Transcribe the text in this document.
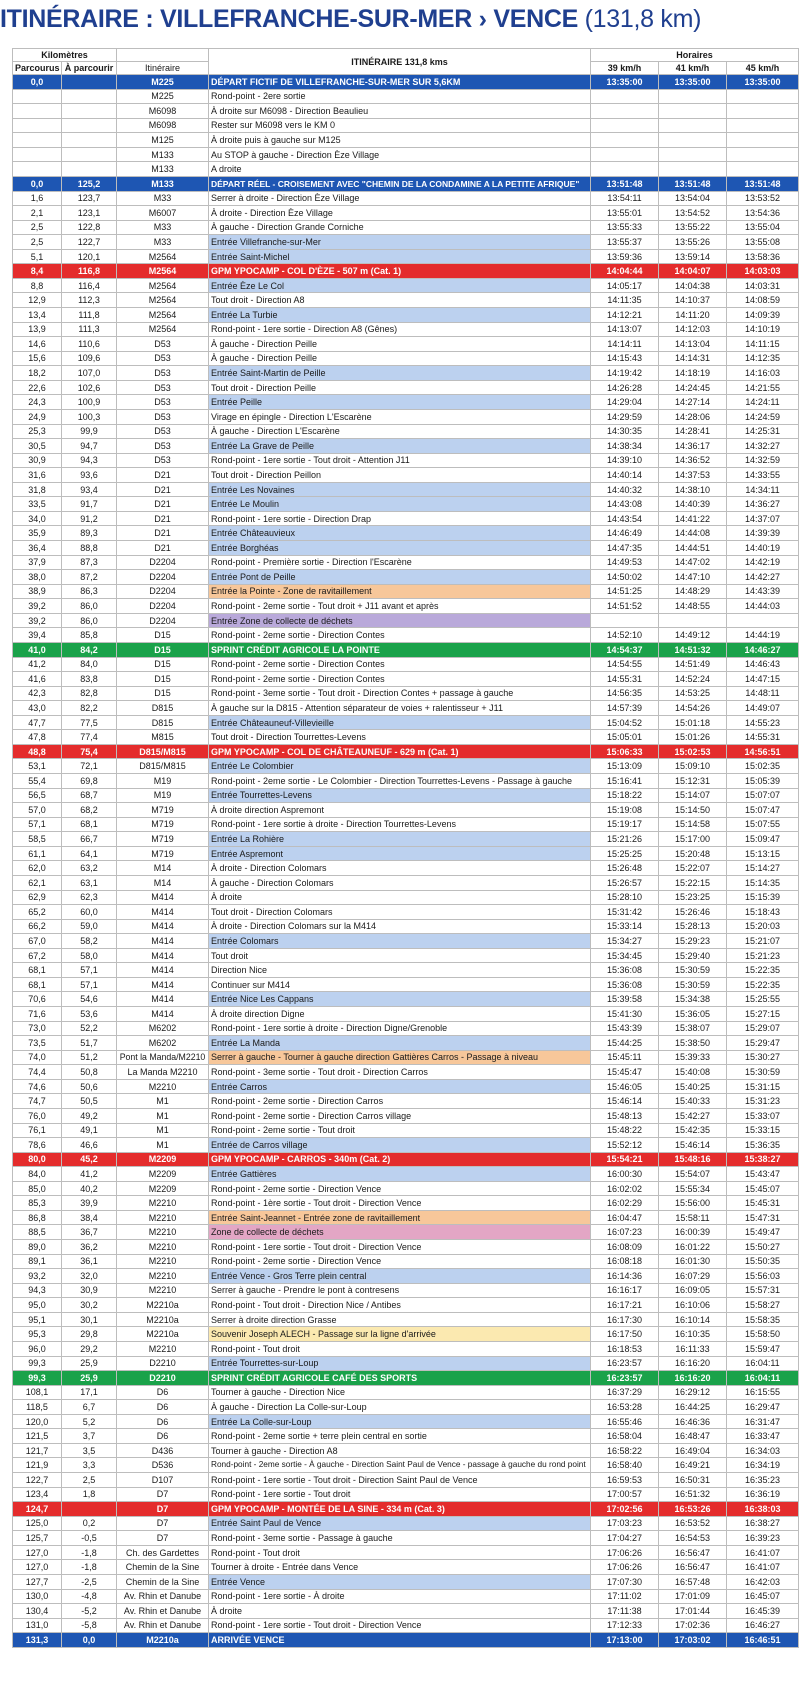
ITINÉRAIRE : VILLEFRANCHE-SUR-MER › VENCE (131,8 km)
Kilomètres			ITINÉRAIRE 131,8 kms	Horaires		
Parcourus	À parcourir			39 km/h	41 km/h	45 km/h
		Itinéraire				
0,0		M225	DÉPART FICTIF DE VILLEFRANCHE-SUR-MER SUR 5,6KM	13:35:00	13:35:00	13:35:00
		M225	Rond-point - 2ere sortie			
		M6098	À droite sur M6098 - Direction Beaulieu			
		M6098	Rester sur M6098 vers le KM 0			
		M125	À droite puis à gauche sur M125			
		M133	Au STOP à gauche - Direction Èze Village			
		M133	A droite			
0,0	125,2	M133	DÉPART RÉEL - CROISEMENT AVEC "CHEMIN DE LA CONDAMINE A LA PETITE AFRIQUE"	13:51:48	13:51:48	13:51:48
1,6	123,7	M33	Serrer à droite - Direction Èze Village	13:54:11	13:54:04	13:53:52
2,1	123,1	M6007	À droite - Direction Èze Village	13:55:01	13:54:52	13:54:36
2,5	122,8	M33	À gauche - Direction Grande Corniche	13:55:33	13:55:22	13:55:04
2,5	122,7	M33	Entrée Villefranche-sur-Mer	13:55:37	13:55:26	13:55:08
5,1	120,1	M2564	Entrée Saint-Michel	13:59:36	13:59:14	13:58:36
8,4	116,8	M2564	GPM YPOCAMP - COL D'ÈZE - 507 m (Cat. 1)	14:04:44	14:04:07	14:03:03
8,8	116,4	M2564	Entrée Èze Le Col	14:05:17	14:04:38	14:03:31
12,9	112,3	M2564	Tout droit - Direction A8	14:11:35	14:10:37	14:08:59
13,4	111,8	M2564	Entrée La Turbie	14:12:21	14:11:20	14:09:39
13,9	111,3	M2564	Rond-point - 1ere sortie - Direction A8 (Gênes)	14:13:07	14:12:03	14:10:19
14,6	110,6	D53	À gauche - Direction Peille	14:14:11	14:13:04	14:11:15
15,6	109,6	D53	À gauche - Direction Peille	14:15:43	14:14:31	14:12:35
18,2	107,0	D53	Entrée Saint-Martin de Peille	14:19:42	14:18:19	14:16:03
22,6	102,6	D53	Tout droit - Direction Peille	14:26:28	14:24:45	14:21:55
24,3	100,9	D53	Entrée Peille	14:29:04	14:27:14	14:24:11
24,9	100,3	D53	Virage en épingle - Direction L'Escarène	14:29:59	14:28:06	14:24:59
25,3	99,9	D53	À gauche - Direction L'Escarène	14:30:35	14:28:41	14:25:31
30,5	94,7	D53	Entrée La Grave de Peille	14:38:34	14:36:17	14:32:27
30,9	94,3	D53	Rond-point - 1ere sortie - Tout droit - Attention J11	14:39:10	14:36:52	14:32:59
31,6	93,6	D21	Tout droit - Direction Peillon	14:40:14	14:37:53	14:33:55
31,8	93,4	D21	Entrée Les Novaines	14:40:32	14:38:10	14:34:11
33,5	91,7	D21	Entrée Le Moulin	14:43:08	14:40:39	14:36:27
34,0	91,2	D21	Rond-point - 1ere sortie - Direction Drap	14:43:54	14:41:22	14:37:07
35,9	89,3	D21	Entrée Châteauvieux	14:46:49	14:44:08	14:39:39
36,4	88,8	D21	Entrée Borghéas	14:47:35	14:44:51	14:40:19
37,9	87,3	D2204	Rond-point - Première sortie - Direction l'Escarène	14:49:53	14:47:02	14:42:19
38,0	87,2	D2204	Entrée Pont de Peille	14:50:02	14:47:10	14:42:27
38,9	86,3	D2204	Entrée la Pointe - Zone de ravitaillement	14:51:25	14:48:29	14:43:39
39,2	86,0	D2204	Rond-point - 2eme sortie - Tout droit + J11 avant et après	14:51:52	14:48:55	14:44:03
39,2	86,0	D2204	Entrée Zone de collecte de déchets			
39,4	85,8	D15	Rond-point - 2eme sortie - Direction Contes	14:52:10	14:49:12	14:44:19
41,0	84,2	D15	SPRINT CRÉDIT AGRICOLE LA POINTE	14:54:37	14:51:32	14:46:27
41,2	84,0	D15	Rond-point - 2eme sortie - Direction Contes	14:54:55	14:51:49	14:46:43
41,6	83,8	D15	Rond-point - 2eme sortie - Direction Contes	14:55:31	14:52:24	14:47:15
42,3	82,8	D15	Rond-point - 3eme sortie - Tout droit - Direction Contes + passage à gauche	14:56:35	14:53:25	14:48:11
43,0	82,2	D815	À gauche sur la D815 - Attention séparateur de voies + ralentisseur + J11	14:57:39	14:54:26	14:49:07
47,7	77,5	D815	Entrée Châteauneuf-Villevieille	15:04:52	15:01:18	14:55:23
47,8	77,4	M815	Tout droit - Direction Tourrettes-Levens	15:05:01	15:01:26	14:55:31
48,8	75,4	D815/M815	GPM YPOCAMP - COL DE CHÂTEAUNEUF - 629 m (Cat. 1)	15:06:33	15:02:53	14:56:51
53,1	72,1	D815/M815	Entrée Le Colombier	15:13:09	15:09:10	15:02:35
55,4	69,8	M19	Rond-point - 2eme sortie - Le Colombier - Direction Tourrettes-Levens - Passage à gauche	15:16:41	15:12:31	15:05:39
56,5	68,7	M19	Entrée Tourrettes-Levens	15:18:22	15:14:07	15:07:07
57,0	68,2	M719	À droite direction Aspremont	15:19:08	15:14:50	15:07:47
57,1	68,1	M719	Rond-point - 1ere sortie à droite - Direction Tourrettes-Levens	15:19:17	15:14:58	15:07:55
58,5	66,7	M719	Entrée La Rohière	15:21:26	15:17:00	15:09:47
61,1	64,1	M719	Entrée Aspremont	15:25:25	15:20:48	15:13:15
62,0	63,2	M14	À droite - Direction Colomars	15:26:48	15:22:07	15:14:27
62,1	63,1	M14	À gauche - Direction Colomars	15:26:57	15:22:15	15:14:35
62,9	62,3	M414	À droite	15:28:10	15:23:25	15:15:39
65,2	60,0	M414	Tout droit - Direction Colomars	15:31:42	15:26:46	15:18:43
66,2	59,0	M414	À droite - Direction Colomars sur la M414	15:33:14	15:28:13	15:20:03
67,0	58,2	M414	Entrée Colomars	15:34:27	15:29:23	15:21:07
67,2	58,0	M414	Tout droit	15:34:45	15:29:40	15:21:23
68,1	57,1	M414	Direction Nice	15:36:08	15:30:59	15:22:35
68,1	57,1	M414	Continuer sur M414	15:36:08	15:30:59	15:22:35
70,6	54,6	M414	Entrée Nice Les Cappans	15:39:58	15:34:38	15:25:55
71,6	53,6	M414	À droite direction Digne	15:41:30	15:36:05	15:27:15
73,0	52,2	M6202	Rond-point - 1ere sortie à droite - Direction Digne/Grenoble	15:43:39	15:38:07	15:29:07
73,5	51,7	M6202	Entrée La Manda	15:44:25	15:38:50	15:29:47
74,0	51,2	Pont la Manda/M2210	Serrer à gauche - Tourner à gauche direction Gattières Carros - Passage à niveau	15:45:11	15:39:33	15:30:27
74,4	50,8	La Manda M2210	Rond-point - 3eme sortie - Tout droit - Direction Carros	15:45:47	15:40:08	15:30:59
74,6	50,6	M2210	Entrée Carros	15:46:05	15:40:25	15:31:15
74,7	50,5	M1	Rond-point - 2eme sortie - Direction Carros	15:46:14	15:40:33	15:31:23
76,0	49,2	M1	Rond-point - 2eme sortie - Direction Carros village	15:48:13	15:42:27	15:33:07
76,1	49,1	M1	Rond-point - 2eme sortie - Tout droit	15:48:22	15:42:35	15:33:15
78,6	46,6	M1	Entrée de Carros village	15:52:12	15:46:14	15:36:35
80,0	45,2	M2209	GPM YPOCAMP - CARROS - 340m (Cat. 2)	15:54:21	15:48:16	15:38:27
84,0	41,2	M2209	Entrée Gattières	16:00:30	15:54:07	15:43:47
85,0	40,2	M2209	Rond-point - 2eme sortie - Direction Vence	16:02:02	15:55:34	15:45:07
85,3	39,9	M2210	Rond-point - 1ère sortie - Tout droit - Direction Vence	16:02:29	15:56:00	15:45:31
86,8	38,4	M2210	Entrée Saint-Jeannet - Entrée zone de ravitaillement	16:04:47	15:58:11	15:47:31
88,5	36,7	M2210	Zone de collecte de déchets	16:07:23	16:00:39	15:49:47
89,0	36,2	M2210	Rond-point - 1ere sortie - Tout droit - Direction Vence	16:08:09	16:01:22	15:50:27
89,1	36,1	M2210	Rond-point - 2eme sortie - Direction Vence	16:08:18	16:01:30	15:50:35
93,2	32,0	M2210	Entrée Vence - Gros Terre plein central	16:14:36	16:07:29	15:56:03
94,3	30,9	M2210	Serrer à gauche - Prendre le pont à contresens	16:16:17	16:09:05	15:57:31
95,0	30,2	M2210a	Rond-point - Tout droit - Direction Nice / Antibes	16:17:21	16:10:06	15:58:27
95,1	30,1	M2210a	Serrer à droite direction Grasse	16:17:30	16:10:14	15:58:35
95,3	29,8	M2210a	Souvenir Joseph ALECH - Passage sur la ligne d'arrivée	16:17:50	16:10:35	15:58:50
96,0	29,2	M2210	Rond-point - Tout droit	16:18:53	16:11:33	15:59:47
99,3	25,9	D2210	Entrée Tourrettes-sur-Loup	16:23:57	16:16:20	16:04:11
99,3	25,9	D2210	SPRINT CRÉDIT AGRICOLE CAFÉ DES SPORTS	16:23:57	16:16:20	16:04:11
108,1	17,1	D6	Tourner à gauche - Direction Nice	16:37:29	16:29:12	16:15:55
118,5	6,7	D6	À gauche - Direction La Colle-sur-Loup	16:53:28	16:44:25	16:29:47
120,0	5,2	D6	Entrée La Colle-sur-Loup	16:55:46	16:46:36	16:31:47
121,5	3,7	D6	Rond-point - 2eme sortie + terre plein central en sortie	16:58:04	16:48:47	16:33:47
121,7	3,5	D436	Tourner à gauche - Direction A8	16:58:22	16:49:04	16:34:03
121,9	3,3	D536	Rond-point - 2eme sortie - À gauche - Direction Saint Paul de Vence - passage à gauche du rond point	16:58:40	16:49:21	16:34:19
122,7	2,5	D107	Rond-point - 1ere sortie - Tout droit - Direction Saint Paul de Vence	16:59:53	16:50:31	16:35:23
123,4	1,8	D7	Rond-point - 1ere sortie - Tout droit	17:00:57	16:51:32	16:36:19
124,7		D7	GPM YPOCAMP - MONTÉE DE LA SINE - 334 m (Cat. 3)	17:02:56	16:53:26	16:38:03
125,0	0,2	D7	Entrée Saint Paul de Vence	17:03:23	16:53:52	16:38:27
125,7	-0,5	D7	Rond-point - 3eme sortie - Passage à gauche	17:04:27	16:54:53	16:39:23
127,0	-1,8	Ch. des Gardettes	Rond-point - Tout droit	17:06:26	16:56:47	16:41:07
127,0	-1,8	Chemin de la Sine	Tourner à droite - Entrée dans Vence	17:06:26	16:56:47	16:41:07
127,7	-2,5	Chemin de la Sine	Entrée Vence	17:07:30	16:57:48	16:42:03
130,0	-4,8	Av. Rhin et Danube	Rond-point - 1ere sortie - À droite	17:11:02	17:01:09	16:45:07
130,4	-5,2	Av. Rhin et Danube	À droite	17:11:38	17:01:44	16:45:39
131,0	-5,8	Av. Rhin et Danube	Rond-point - 1ere sortie - Tout droit - Direction Vence	17:12:33	17:02:36	16:46:27
131,3	0,0	M2210a	ARRIVÉE VENCE	17:13:00	17:03:02	16:46:51
